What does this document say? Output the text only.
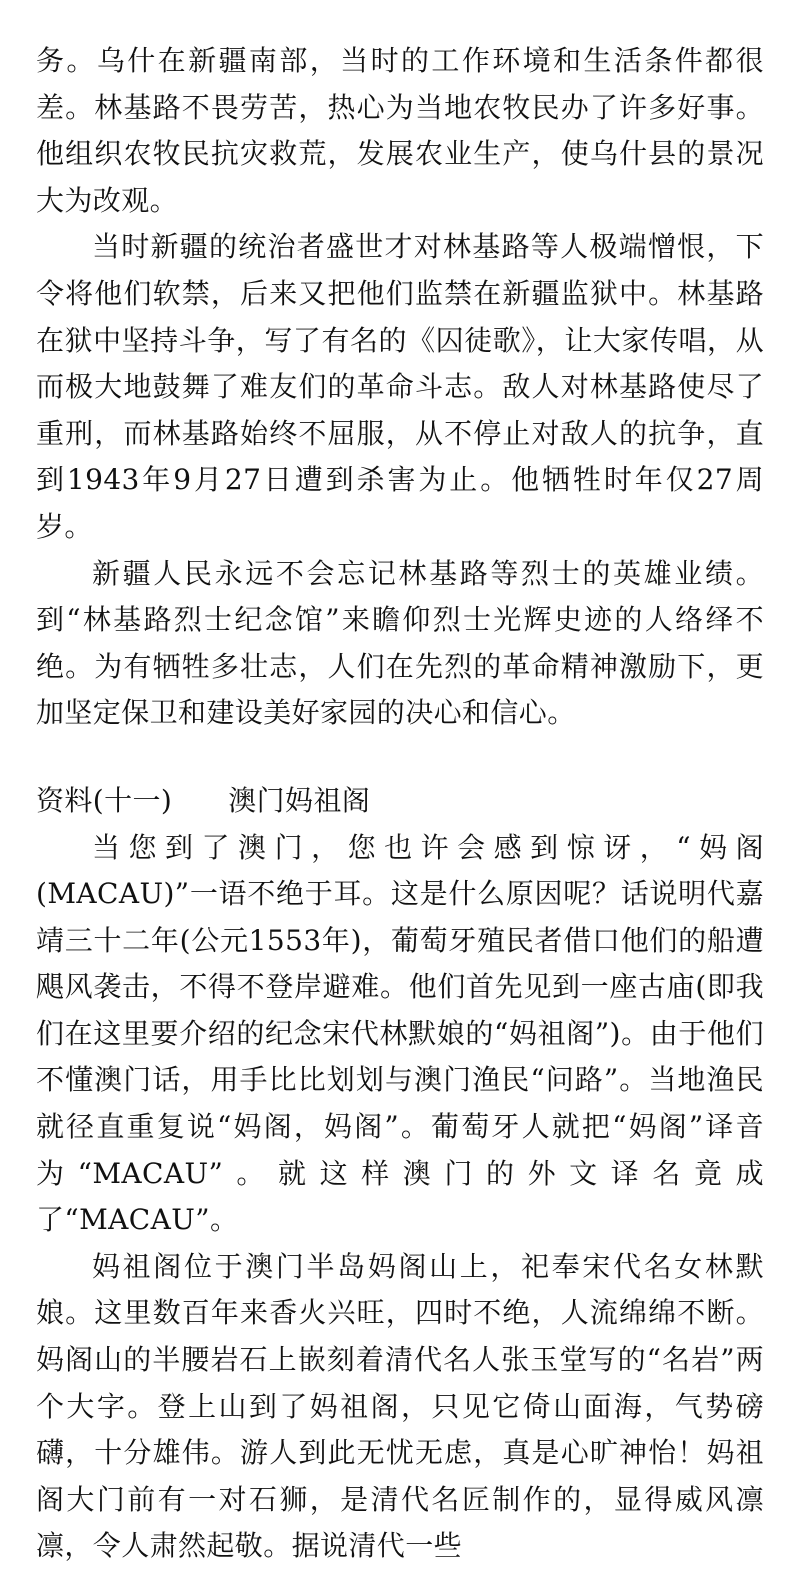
务。乌什在新疆南部，当时的工作环境和生活条件都很差。林基路不畏劳苦，热心为当地农牧民办了许多好事。他组织农牧民抗灾救荒，发展农业生产，使乌什县的景况大为改观。

当时新疆的统治者盛世才对林基路等人极端憎恨，下令将他们软禁，后来又把他们监禁在新疆监狱中。林基路在狱中坚持斗争，写了有名的《囚徒歌》，让大家传唱，从而极大地鼓舞了难友们的革命斗志。敌人对林基路使尽了重刑，而林基路始终不屈服，从不停止对敌人的抗争，直到1943年9月27日遭到杀害为止。他牺牲时年仅27周岁。

新疆人民永远不会忘记林基路等烈士的英雄业绩。到“林基路烈士纪念馆”来瞻仰烈士光辉史迹的人络绎不绝。为有牺牲多壮志，人们在先烈的革命精神激励下，更加坚定保卫和建设美好家园的决心和信心。

资料(十一) 澳门妈祖阁

当您到了澳门，您也许会感到惊讶，“妈阁(MACAU)”一语不绝于耳。这是什么原因呢？话说明代嘉靖三十二年(公元1553年)，葡萄牙殖民者借口他们的船遭飓风袭击，不得不登岸避难。他们首先见到一座古庙(即我们在这里要介绍的纪念宋代林默娘的“妈祖阁”)。由于他们不懂澳门话，用手比比划划与澳门渔民“问路”。当地渔民就径直重复说“妈阁，妈阁”。葡萄牙人就把“妈阁”译音为“MACAU”。就这样澳门的外文译名竟成了“MACAU”。

妈祖阁位于澳门半岛妈阁山上，祀奉宋代名女林默娘。这里数百年来香火兴旺，四时不绝，人流绵绵不断。妈阁山的半腰岩石上嵌刻着清代名人张玉堂写的“名岩”两个大字。登上山到了妈祖阁，只见它倚山面海，气势磅礴，十分雄伟。游人到此无忧无虑，真是心旷神怡！妈祖阁大门前有一对石狮，是清代名匠制作的，显得威风凛凛，令人肃然起敬。据说清代一些
